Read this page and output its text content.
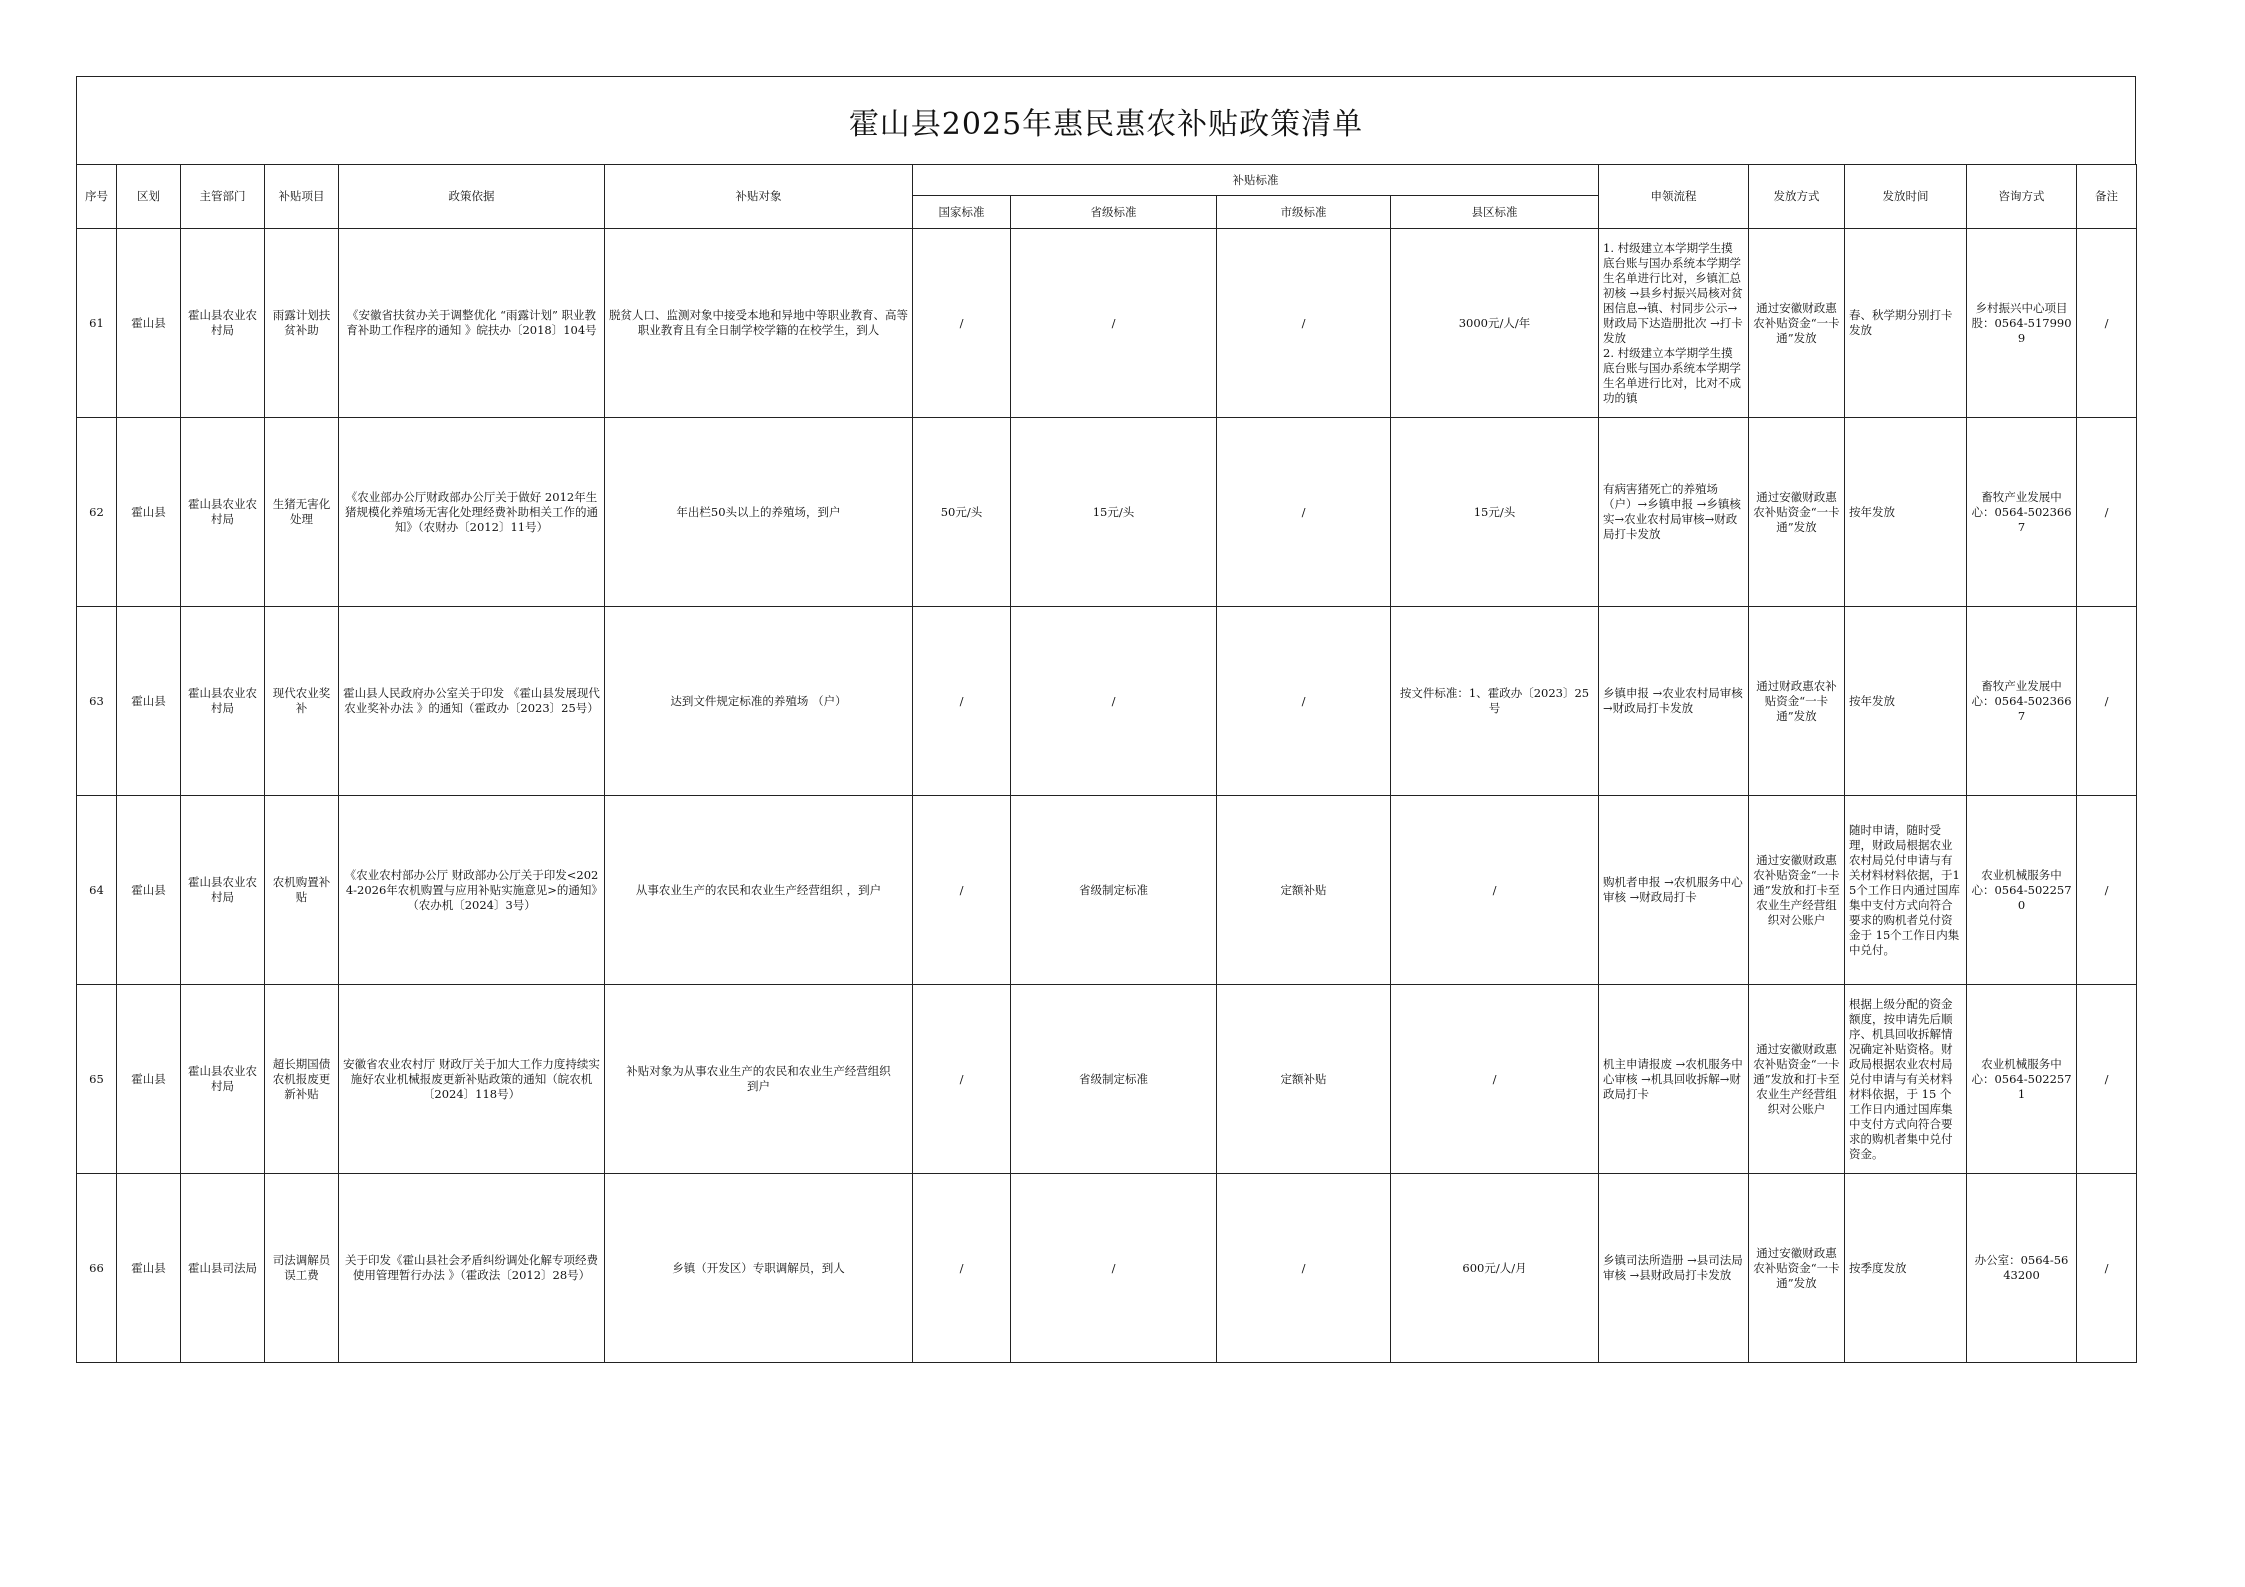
霍山县2025年惠民惠农补贴政策清单
序号	区划	主管部门	补贴项目	政策依据	补贴对象	补贴标准				申领流程	发放方式	发放时间	咨询方式	备注
						国家标准	省级标准	市级标准	县区标准					

61	霍山县	霍山县农业农村局	雨露计划扶贫补助	《安徽省扶贫办关于调整优化 “雨露计划” 职业教育补助工作程序的通知 》皖扶办〔2018〕104号	脱贫人口、监测对象中接受本地和异地中等职业教育、高等职业教育且有全日制学校学籍的在校学生，到人	/	/	/	3000元/人/年	1. 村级建立本学期学生摸底台账与国办系统本学期学生名单进行比对，乡镇汇总初核 →县乡村振兴局核对贫困信息→镇、村同步公示→财政局下达造册批次 →打卡发放
2. 村级建立本学期学生摸底台账与国办系统本学期学生名单进行比对，比对不成功的镇	通过安徽财政惠农补贴资金“一卡通”发放	春、秋学期分别打卡发放	乡村振兴中心项目股：0564-5179909	/

62	霍山县	霍山县农业农村局	生猪无害化处理	《农业部办公厅财政部办公厅关于做好 2012年生猪规模化养殖场无害化处理经费补助相关工作的通知》（农财办〔2012〕11号）	年出栏50头以上的养殖场，到户	50元/头	15元/头	/	15元/头	有病害猪死亡的养殖场（户）→乡镇申报 →乡镇核实→农业农村局审核→财政局打卡发放	通过安徽财政惠农补贴资金“一卡通”发放	按年发放	畜牧产业发展中心：0564-5023667	/

63	霍山县	霍山县农业农村局	现代农业奖补	霍山县人民政府办公室关于印发 《霍山县发展现代农业奖补办法 》的通知（霍政办〔2023〕25号）	达到文件规定标准的养殖场 （户）	/	/	/	按文件标准：1、霍政办〔2023〕25号	乡镇申报 →农业农村局审核→财政局打卡发放	通过财政惠农补贴资金“一卡通”发放	按年发放	畜牧产业发展中心：0564-5023667	/

64	霍山县	霍山县农业农村局	农机购置补贴	《农业农村部办公厅 财政部办公厅关于印发<2024-2026年农机购置与应用补贴实施意见>的通知》（农办机〔2024〕3号）	从事农业生产的农民和农业生产经营组织 ，到户	/	省级制定标准	定额补贴	/	购机者申报 →农机服务中心审核 →财政局打卡	通过安徽财政惠农补贴资金“一卡通”发放和打卡至农业生产经营组织对公账户	随时申请，随时受理，财政局根据农业农村局兑付申请与有关材料材料依据，于15个工作日内通过国库集中支付方式向符合要求的购机者兑付资金于 15个工作日内集中兑付。	农业机械服务中心：0564-5022570	/

65	霍山县	霍山县农业农村局	超长期国债农机报废更新补贴	安徽省农业农村厅 财政厅关于加大工作力度持续实施好农业机械报废更新补贴政策的通知（皖农机〔2024〕118号）	补贴对象为从事农业生产的农民和农业生产经营组织
到户	/	省级制定标准	定额补贴	/	机主申请报废 →农机服务中心审核 →机具回收拆解→财政局打卡	通过安徽财政惠农补贴资金“一卡通”发放和打卡至农业生产经营组织对公账户	根据上级分配的资金额度，按申请先后顺序、机具回收拆解情况确定补贴资格。财政局根据农业农村局兑付申请与有关材料材料依据，于 15 个工作日内通过国库集中支付方式向符合要求的购机者集中兑付资金。	农业机械服务中心：0564-5022571	/

66	霍山县	霍山县司法局	司法调解员误工费	关于印发《霍山县社会矛盾纠纷调处化解专项经费使用管理暂行办法 》（霍政法〔2012〕28号）	乡镇（开发区）专职调解员，到人	/	/	/	600元/人/月	乡镇司法所造册 →县司法局审核 →县财政局打卡发放	通过安徽财政惠农补贴资金“一卡通”发放	按季度发放	办公室：0564-5643200	/
